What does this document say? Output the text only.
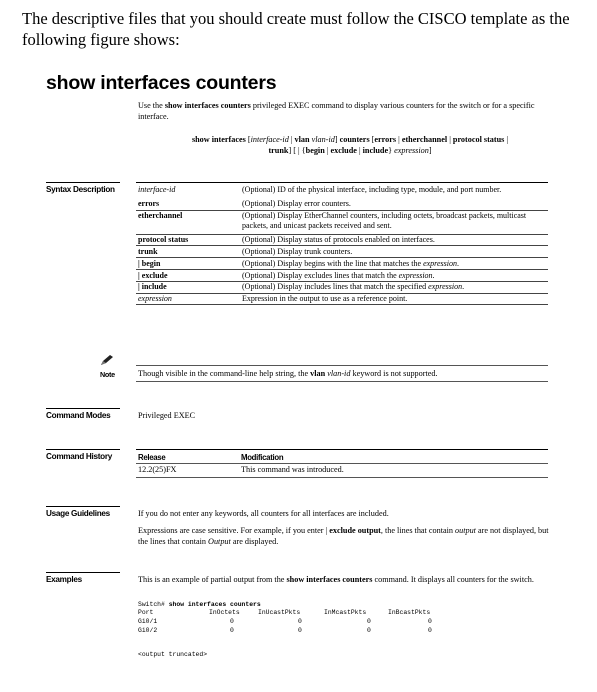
The descriptive files that you should create must follow the CISCO template as the following figure shows:
show interfaces counters
Use the show interfaces counters privileged EXEC command to display various counters for the switch or for a specific interface.
show interfaces [interface-id | vlan vlan-id] counters [errors | etherchannel | protocol status |
trunk] [ | {begin | exclude | include} expression]
Syntax Description	interface-id	(Optional) ID of the physical interface, including type, module, and port number.

errors	(Optional) Display error counters.
etherchannel	(Optional) Display EtherChannel counters, including octets, broadcast packets, multicast packets, and unicast packets received and sent.

protocol status	(Optional) Display status of protocols enabled on interfaces.
trunk	(Optional) Display trunk counters.
| begin	(Optional) Display begins with the line that matches the expression.
| exclude	(Optional) Display excludes lines that match the expression.
| include	(Optional) Display includes lines that match the specified expression.
expression	Expression in the output to use as a reference point.
Note	Though visible in the command-line help string, the vlan vlan-id keyword is not supported.
Command Modes	Privileged EXEC
Command History	Release	Modification
12.2(25)FX	This command was introduced.
Usage Guidelines	If you do not enter any keywords, all counters for all interfaces are included.
Expressions are case sensitive. For example, if you enter | exclude output, the lines that contain output are not displayed, but the lines that contain Output are displayed.
Examples	This is an example of partial output from the show interfaces counters command. It displays all counters for the switch.
Switch# show interfaces counters
Port	InOctets	InUcastPkts	InMcastPkts	InBcastPkts
Gi0/1	0	0	0	0
Gi0/2	0	0	0	0
<output truncated>
